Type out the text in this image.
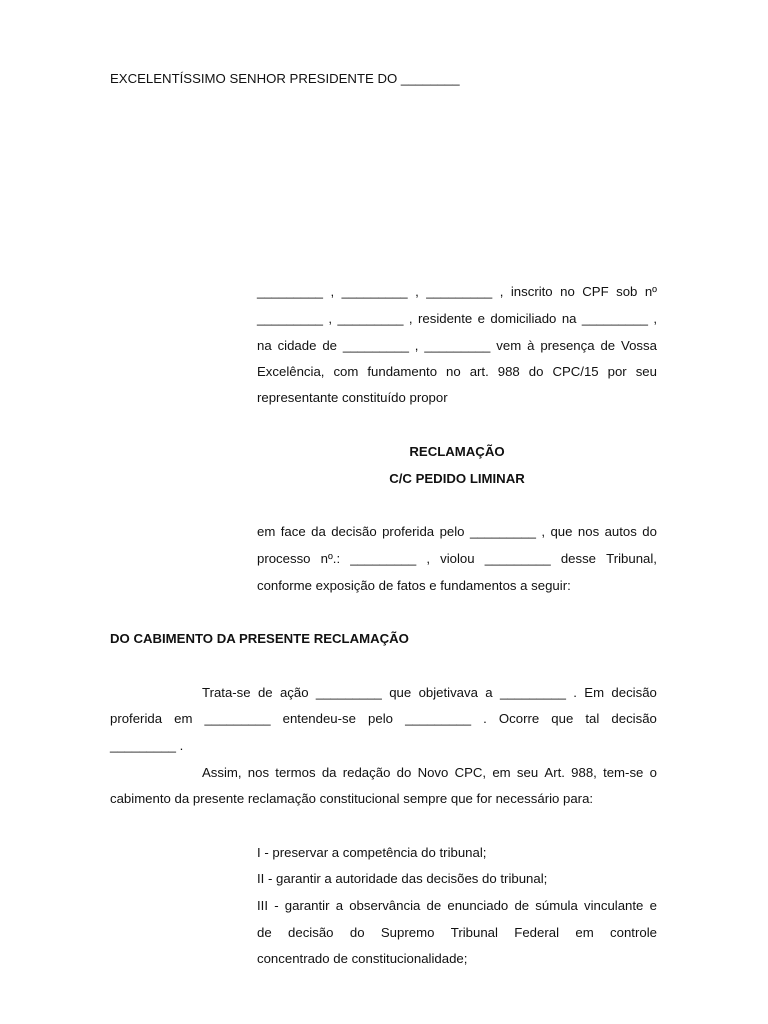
EXCELENTÍSSIMO SENHOR PRESIDENTE DO ________
_________ , _________ , _________ , inscrito no CPF sob nº
_________ , _________ , residente e domiciliado na _________ ,
na cidade de _________ , _________ vem à presença de Vossa
Excelência, com fundamento no art. 988 do CPC/15 por seu
representante constituído propor
RECLAMAÇÃO
C/C PEDIDO LIMINAR
em face da decisão proferida pelo _________ , que nos autos do
processo nº.: _________ , violou _________ desse Tribunal,
conforme exposição de fatos e fundamentos a seguir:
DO CABIMENTO DA PRESENTE RECLAMAÇÃO
Trata-se de ação _________ que objetivava a _________ . Em decisão
proferida em _________ entendeu-se pelo _________ . Ocorre que tal decisão
_________ .
Assim, nos termos da redação do Novo CPC, em seu Art. 988, tem-se o
cabimento da presente reclamação constitucional sempre que for necessário para:
I - preservar a competência do tribunal;
II - garantir a autoridade das decisões do tribunal;
III - garantir a observância de enunciado de súmula vinculante e
de decisão do Supremo Tribunal Federal em controle
concentrado de constitucionalidade;
